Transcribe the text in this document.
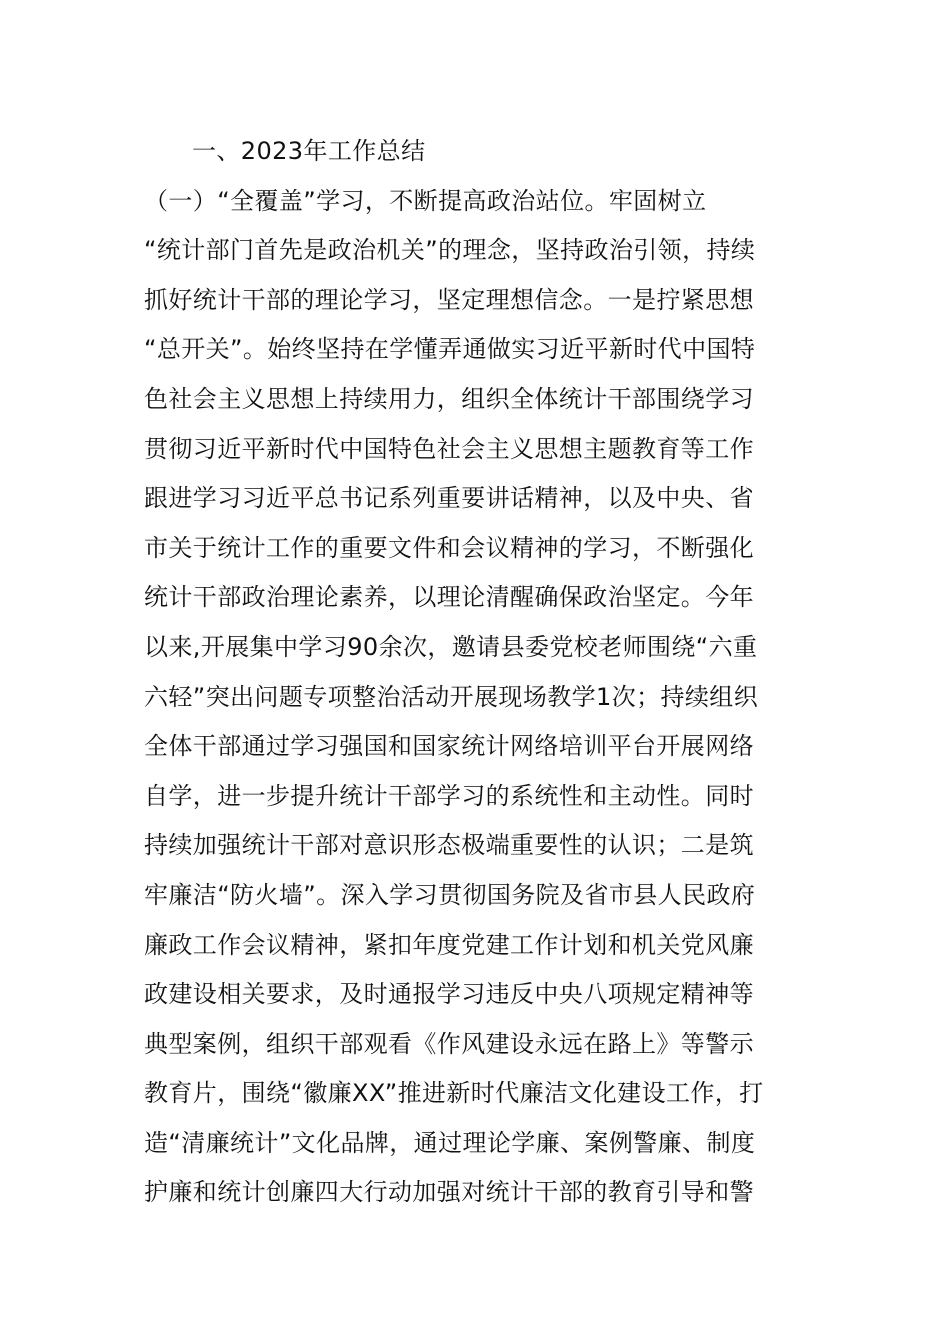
一、2023年工作总结
（一）“全覆盖”学习，不断提高政治站位。牢固树立
“统计部门首先是政治机关”的理念，坚持政治引领，持续
抓好统计干部的理论学习，坚定理想信念。一是拧紧思想
“总开关”。始终坚持在学懂弄通做实习近平新时代中国特
色社会主义思想上持续用力，组织全体统计干部围绕学习
贯彻习近平新时代中国特色社会主义思想主题教育等工作
跟进学习习近平总书记系列重要讲话精神，以及中央、省
市关于统计工作的重要文件和会议精神的学习，不断强化
统计干部政治理论素养，以理论清醒确保政治坚定。今年
以来,开展集中学习90余次，邀请县委党校老师围绕“六重
六轻”突出问题专项整治活动开展现场教学1次；持续组织
全体干部通过学习强国和国家统计网络培训平台开展网络
自学，进一步提升统计干部学习的系统性和主动性。同时
持续加强统计干部对意识形态极端重要性的认识；二是筑
牢廉洁“防火墙”。深入学习贯彻国务院及省市县人民政府
廉政工作会议精神，紧扣年度党建工作计划和机关党风廉
政建设相关要求，及时通报学习违反中央八项规定精神等
典型案例，组织干部观看《作风建设永远在路上》等警示
教育片，围绕“徽廉XX”推进新时代廉洁文化建设工作，打
造“清廉统计”文化品牌，通过理论学廉、案例警廉、制度
护廉和统计创廉四大行动加强对统计干部的教育引导和警
